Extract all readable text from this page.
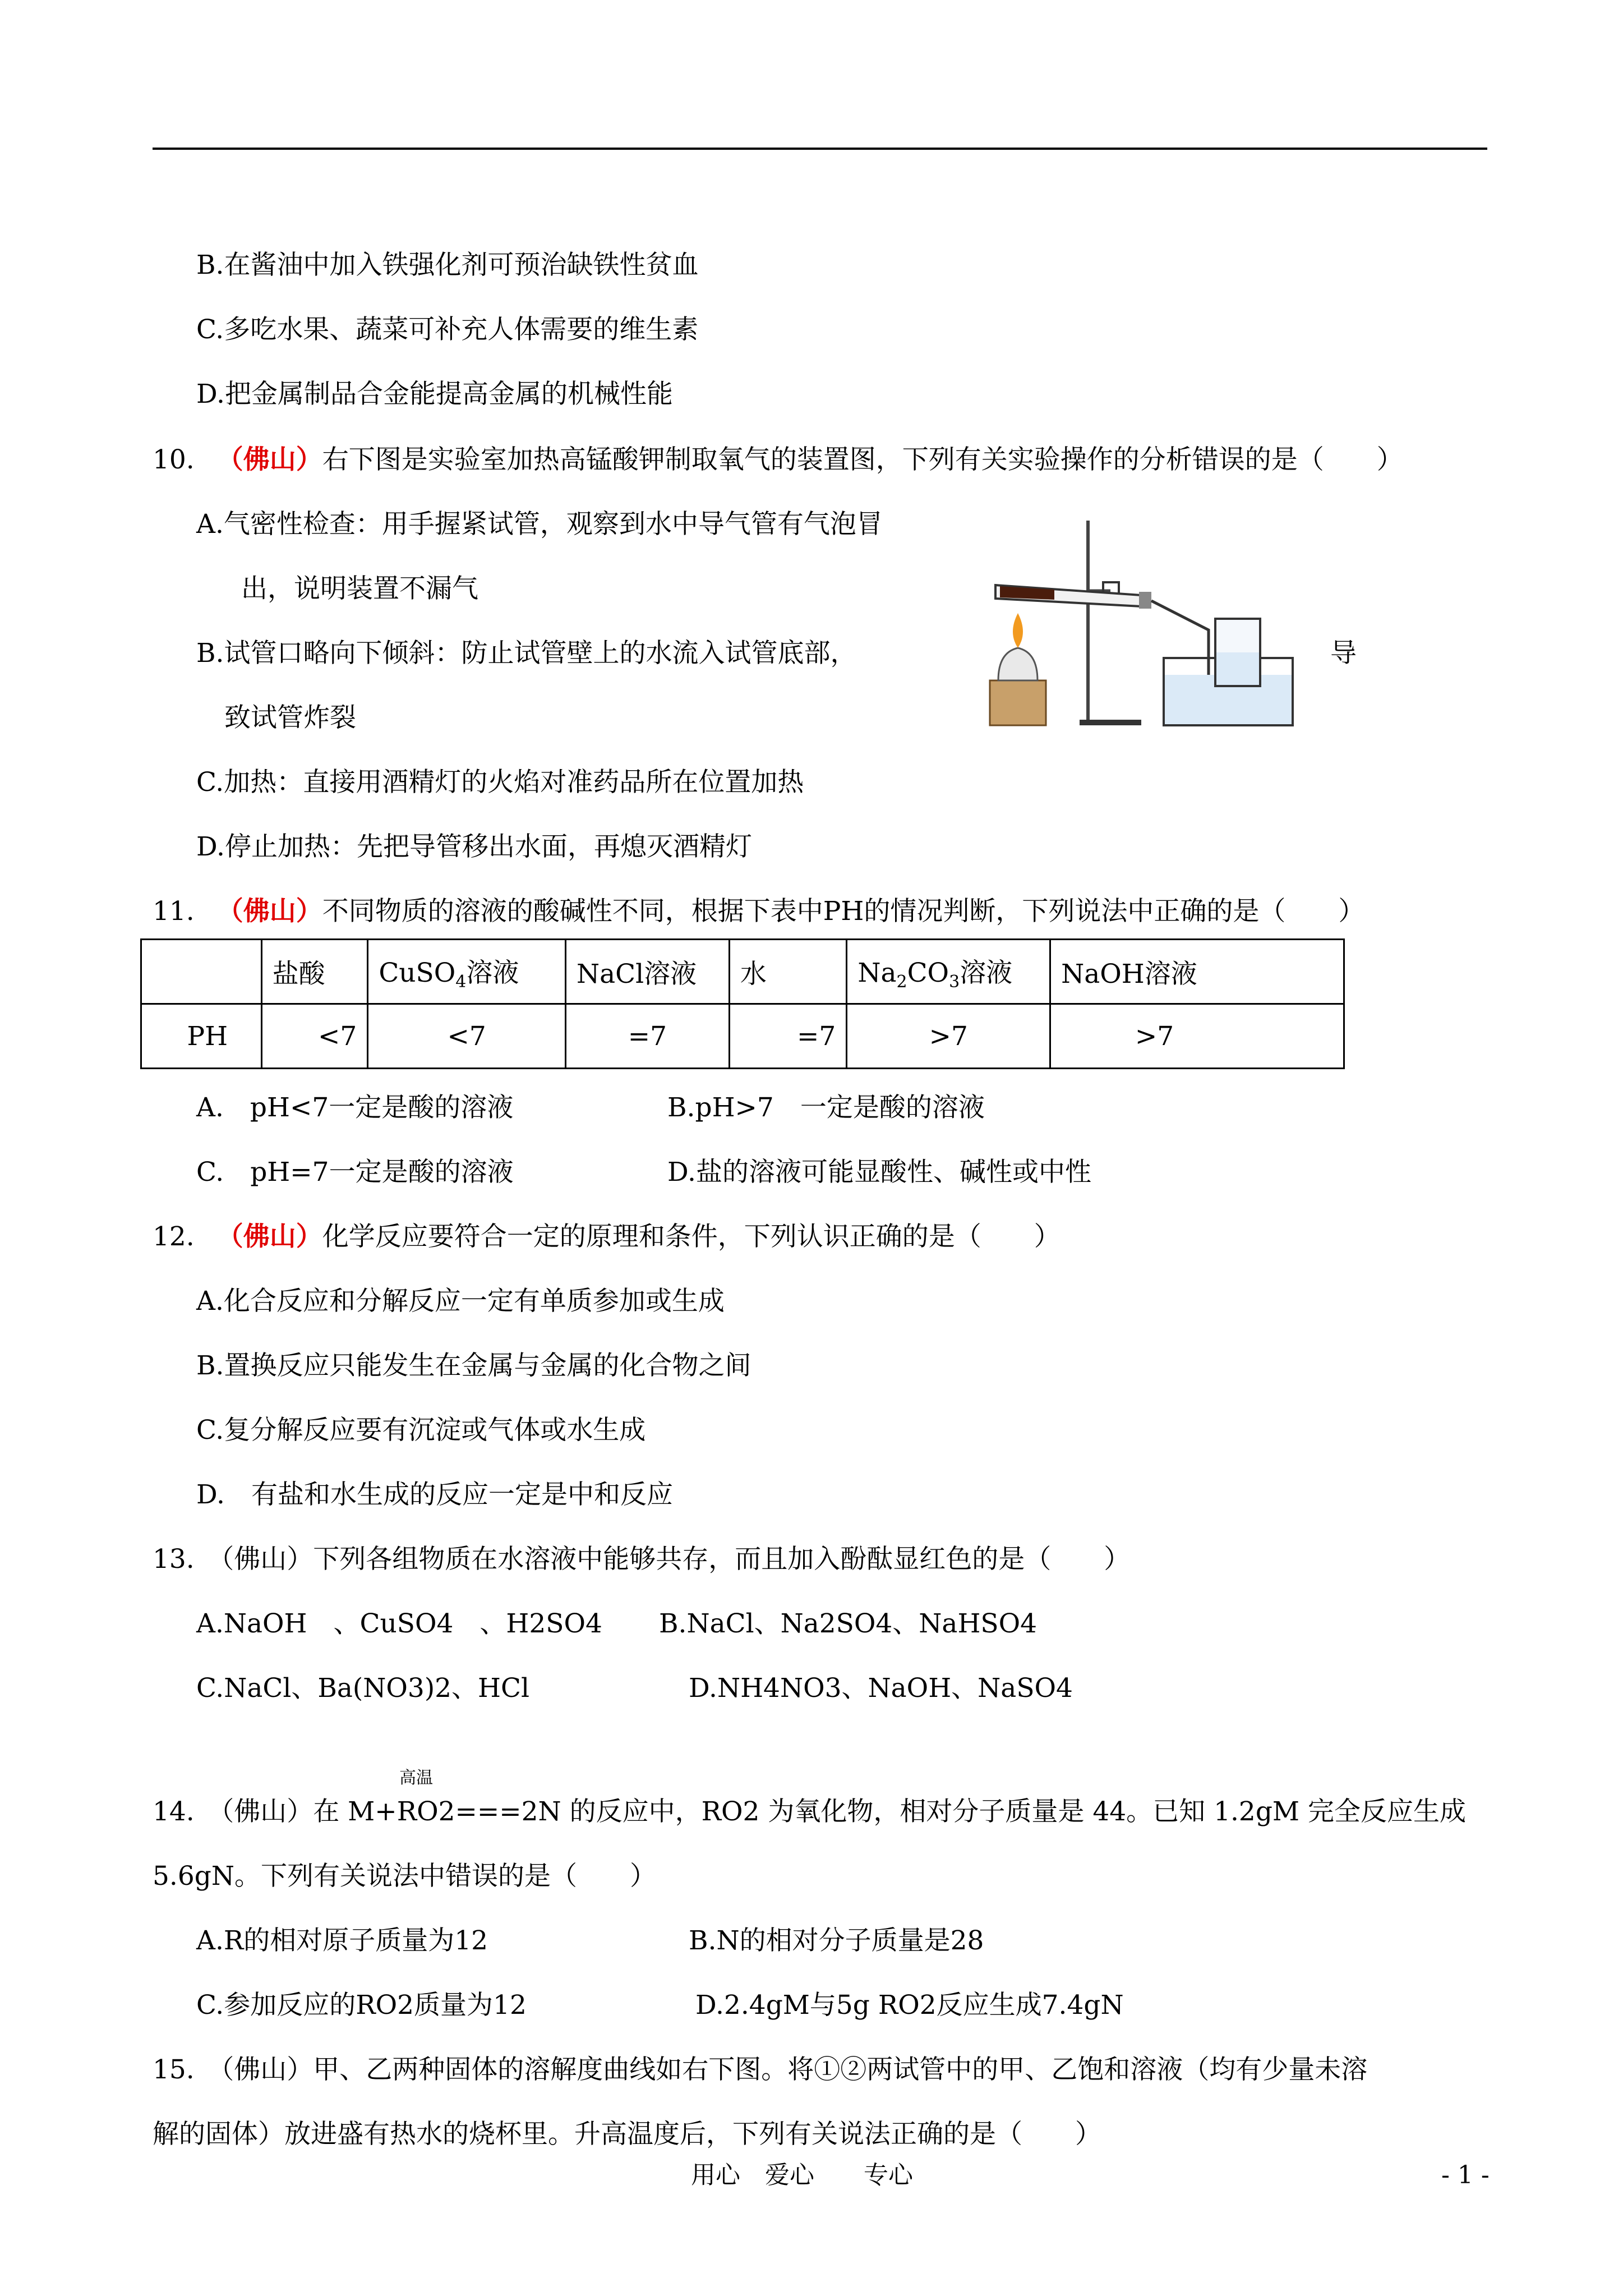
B.在酱油中加入铁强化剂可预治缺铁性贫血
C.多吃水果、蔬菜可补充人体需要的维生素
D.把金属制品合金能提高金属的机械性能
10. （佛山）右下图是实验室加热高锰酸钾制取氧气的装置图，下列有关实验操作的分析错误的是（　　）
A.气密性检查：用手握紧试管，观察到水中导气管有气泡冒
出，说明装置不漏气
B.试管口略向下倾斜：防止试管壁上的水流入试管底部，	导
致试管炸裂
C.加热：直接用酒精灯的火焰对准药品所在位置加热
D.停止加热：先把导管移出水面，再熄灭酒精灯
11. （佛山）不同物质的溶液的酸碱性不同，根据下表中PH的情况判断，下列说法中正确的是（　　）
	盐酸	CuSO$_4$溶液	NaCl溶液	水	$Na_2CO_3$溶液	NaOH溶液
PH	<7	<7	=7	=7	>7	>7
A.　pH<7一定是酸的溶液	B.pH>7　一定是酸的溶液
C.　pH=7一定是酸的溶液	D.盐的溶液可能显酸性、碱性或中性
12. （佛山）化学反应要符合一定的原理和条件，下列认识正确的是（　　）
A.化合反应和分解反应一定有单质参加或生成
B.置换反应只能发生在金属与金属的化合物之间
C.复分解反应要有沉淀或气体或水生成
D.　有盐和水生成的反应一定是中和反应
13.　（佛山）下列各组物质在水溶液中能够共存，而且加入酚酞显红色的是（　　）
A.NaOH　、CuSO4　、H2SO4 B.NaCl、Na2SO4、NaHSO4
C.NaCl、Ba(NO3)2、HCl	D.NH4NO3、NaOH、NaSO4
高温
14.　（佛山）在 M+RO2===2N 的反应中，RO2 为氧化物，相对分子质量是 44。已知 1.2gM 完全反应生成
5.6gN。下列有关说法中错误的是（　　）
A.R的相对原子质量为12	B.N的相对分子质量是28
C.参加反应的RO2质量为12	D.2.4gM与5g RO2反应生成7.4gN
15.　（佛山）甲、乙两种固体的溶解度曲线如右下图。将①②两试管中的甲、乙饱和溶液（均有少量未溶
解的固体）放进盛有热水的烧杯里。升高温度后，下列有关说法正确的是（　　）
用心　爱心　　专心	- 1 -
